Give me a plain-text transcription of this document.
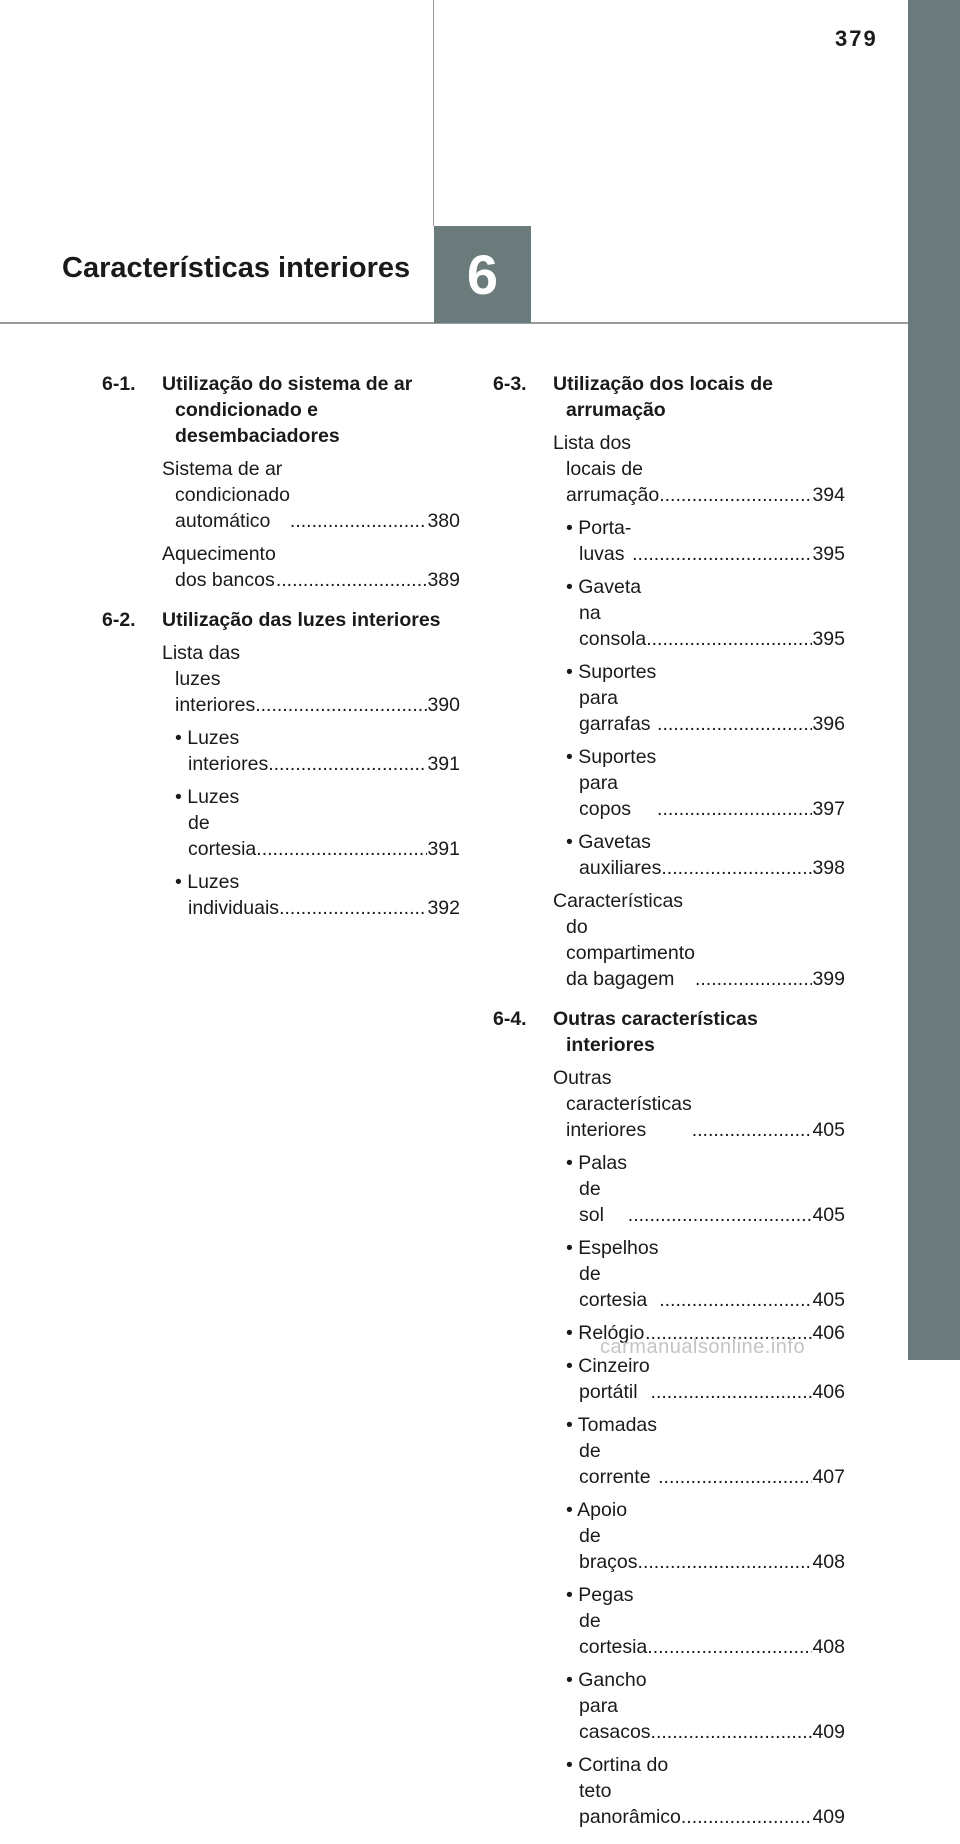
379
Características interiores	6
6-1.	Utilização do sistema de ar condicionado e desembaciadores
Sistema de ar condicionado automático .....	380
Aquecimento dos bancos .....	389
6-2.	Utilização das luzes interiores
Lista das luzes interiores .....	390
• Luzes interiores .....	391
• Luzes de cortesia .....	391
• Luzes individuais .....	392
6-3.	Utilização dos locais de arrumação
Lista dos locais de arrumação .....	394
• Porta-luvas .....	395
• Gaveta na consola .....	395
• Suportes para garrafas .....	396
• Suportes para copos .....	397
• Gavetas auxiliares .....	398
Características do compartimento da bagagem .....	399
6-4.	Outras características interiores
Outras características interiores .....	405
• Palas de sol .....	405
• Espelhos de cortesia .....	405
• Relógio .....	406
• Cinzeiro portátil .....	406
• Tomadas de corrente .....	407
• Apoio de braços .....	408
• Pegas de cortesia .....	408
• Gancho para casacos .....	409
• Cortina do teto panorâmico .....	409
carmanualsonline.info
